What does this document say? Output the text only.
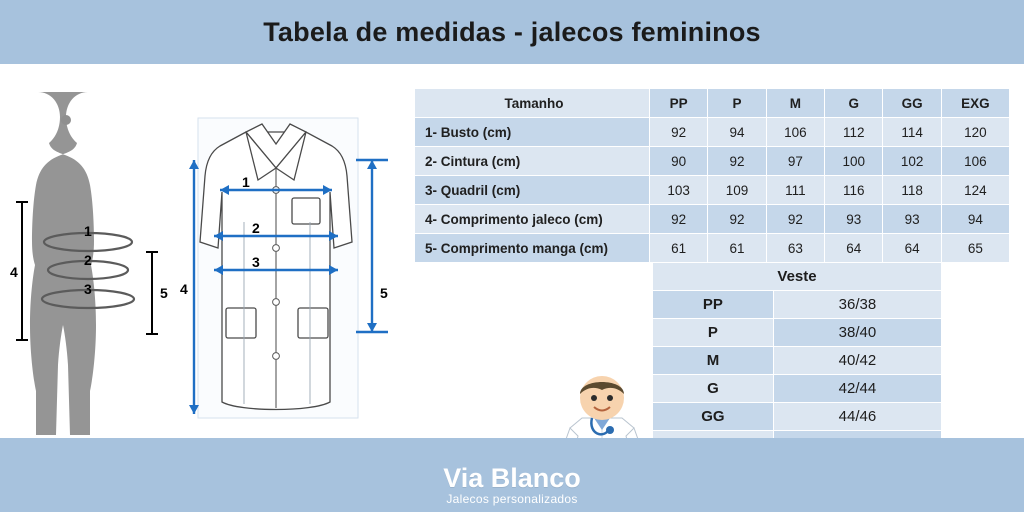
Tabela de medidas - jalecos femininos
1
2
3
4
5
1
2
3
4	5
Tamanho	PP	P	M	G	GG	EXG
1- Busto (cm)	92	94	106	112	114	120
2- Cintura (cm)	90	92	97	100	102	106
3- Quadril (cm)	103	109	111	116	118	124
4- Comprimento jaleco (cm)	92	92	92	93	93	94
5- Comprimento manga (cm)	61	61	63	64	64	65
Veste	
PP	36/38
P	38/40
M	40/42
G	42/44
GG	44/46

Via Blanco
Jalecos personalizados
